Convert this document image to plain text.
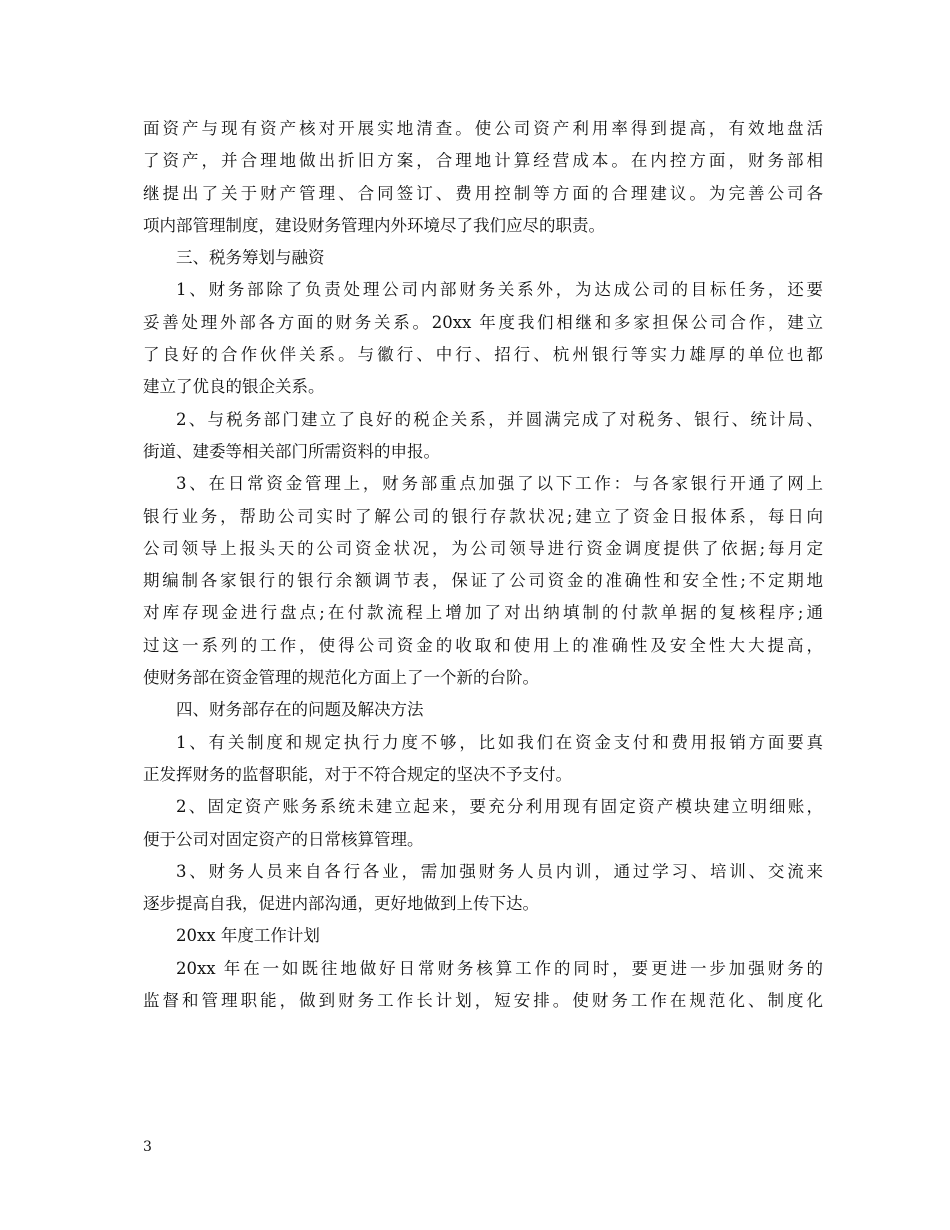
面资产与现有资产核对开展实地清查。使公司资产利用率得到提高，有效地盘活
了资产，并合理地做出折旧方案，合理地计算经营成本。在内控方面，财务部相
继提出了关于财产管理、合同签订、费用控制等方面的合理建议。为完善公司各
项内部管理制度，建设财务管理内外环境尽了我们应尽的职责。
三、税务筹划与融资
1、财务部除了负责处理公司内部财务关系外，为达成公司的目标任务，还要
妥善处理外部各方面的财务关系。20xx 年度我们相继和多家担保公司合作，建立
了良好的合作伙伴关系。与徽行、中行、招行、杭州银行等实力雄厚的单位也都
建立了优良的银企关系。
2、与税务部门建立了良好的税企关系，并圆满完成了对税务、银行、统计局、
街道、建委等相关部门所需资料的申报。
3、在日常资金管理上，财务部重点加强了以下工作：与各家银行开通了网上
银行业务，帮助公司实时了解公司的银行存款状况;建立了资金日报体系，每日向
公司领导上报头天的公司资金状况，为公司领导进行资金调度提供了依据;每月定
期编制各家银行的银行余额调节表，保证了公司资金的准确性和安全性;不定期地
对库存现金进行盘点;在付款流程上增加了对出纳填制的付款单据的复核程序;通
过这一系列的工作，使得公司资金的收取和使用上的准确性及安全性大大提高，
使财务部在资金管理的规范化方面上了一个新的台阶。
四、财务部存在的问题及解决方法
1、有关制度和规定执行力度不够，比如我们在资金支付和费用报销方面要真
正发挥财务的监督职能，对于不符合规定的坚决不予支付。
2、固定资产账务系统未建立起来，要充分利用现有固定资产模块建立明细账，
便于公司对固定资产的日常核算管理。
3、财务人员来自各行各业，需加强财务人员内训，通过学习、培训、交流来
逐步提高自我，促进内部沟通，更好地做到上传下达。
20xx 年度工作计划
20xx 年在一如既往地做好日常财务核算工作的同时，要更进一步加强财务的
监督和管理职能，做到财务工作长计划，短安排。使财务工作在规范化、制度化
3
